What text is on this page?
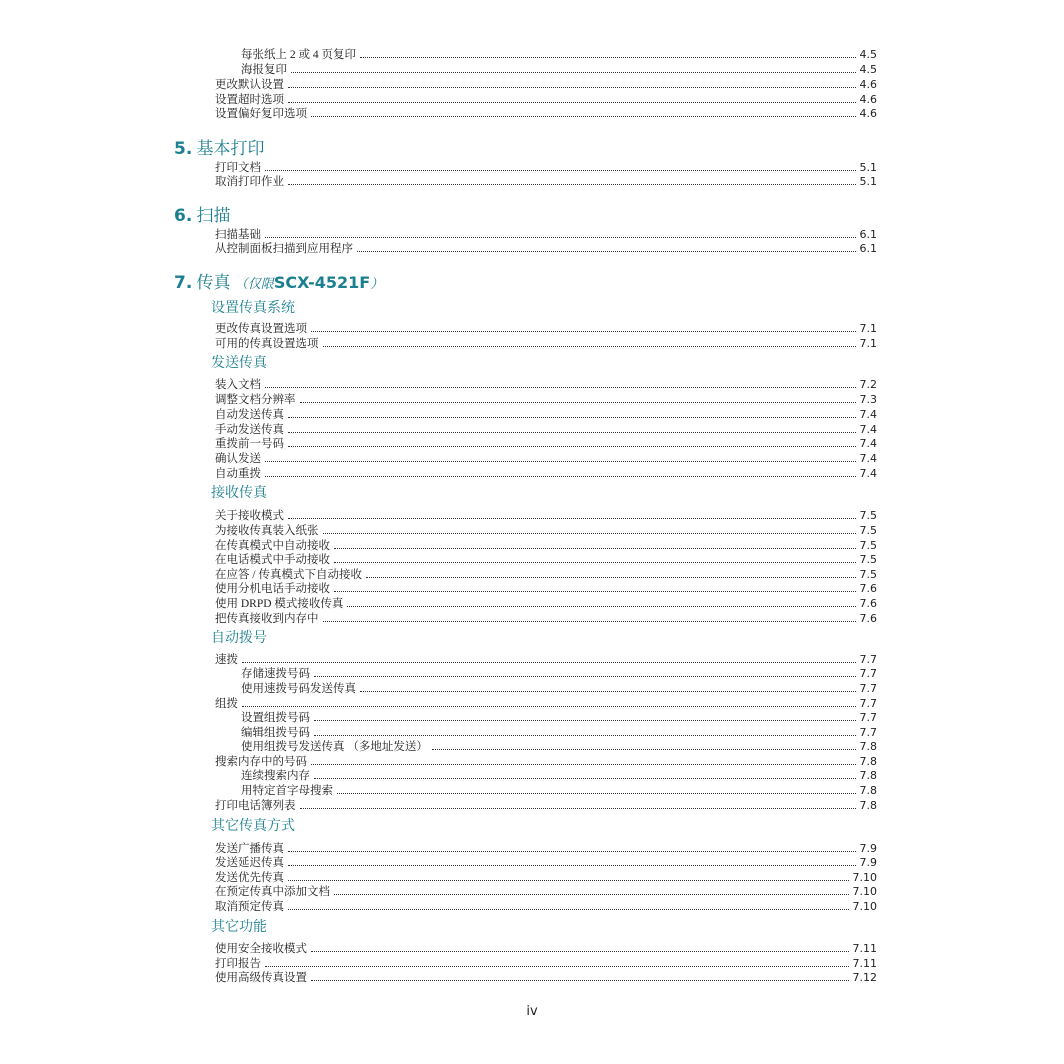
每张纸上 2 或 4 页复印	4.5
海报复印	4.5
更改默认设置	4.6
设置超时选项	4.6
设置偏好复印选项	4.6
5. 基本打印
打印文档	5.1
取消打印作业	5.1
6. 扫描
扫描基础	6.1
从控制面板扫描到应用程序	6.1
7. 传真 （仅限SCX-4521F）
设置传真系统
更改传真设置选项	7.1
可用的传真设置选项	7.1
发送传真
装入文档	7.2
调整文档分辨率	7.3
自动发送传真	7.4
手动发送传真	7.4
重拨前一号码	7.4
确认发送	7.4
自动重拨	7.4
接收传真
关于接收模式	7.5
为接收传真装入纸张	7.5
在传真模式中自动接收	7.5
在电话模式中手动接收	7.5
在应答 / 传真模式下自动接收	7.5
使用分机电话手动接收	7.6
使用 DRPD 模式接收传真	7.6
把传真接收到内存中	7.6
自动拨号
速拨	7.7
存储速拨号码	7.7
使用速拨号码发送传真	7.7
组拨	7.7
设置组拨号码	7.7
编辑组拨号码	7.7
使用组拨号发送传真 （多地址发送）	7.8
搜索内存中的号码	7.8
连续搜索内存	7.8
用特定首字母搜索	7.8
打印电话簿列表	7.8
其它传真方式
发送广播传真	7.9
发送延迟传真	7.9
发送优先传真	7.10
在预定传真中添加文档	7.10
取消预定传真	7.10
其它功能
使用安全接收模式	7.11
打印报告	7.11
使用高级传真设置	7.12
iv
